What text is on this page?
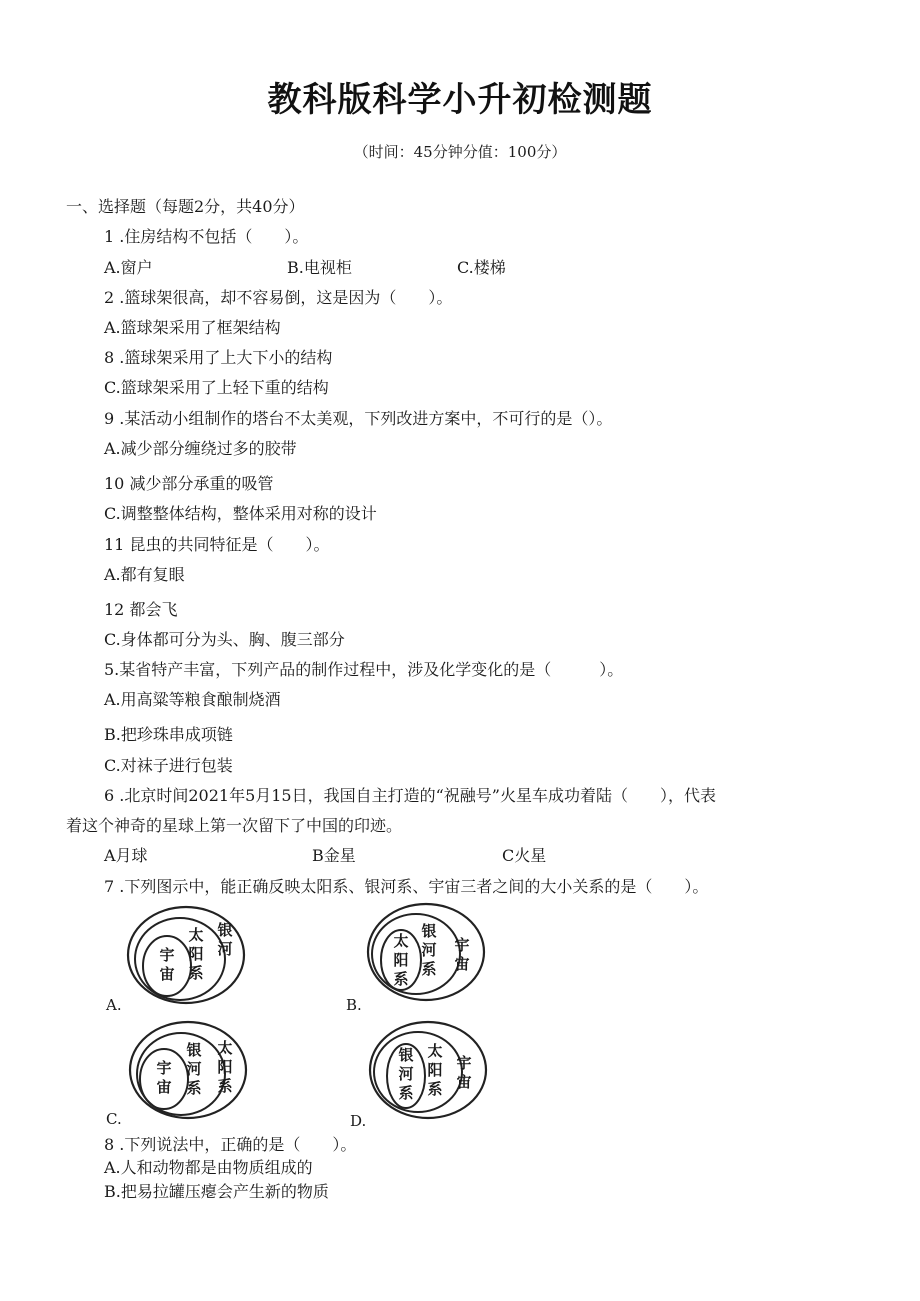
教科版科学小升初检测题
（时间：45分钟分值：100分）
一、选择题（每题2分，共40分）
1 .住房结构不包括（　　）。
A.窗户	B.电视柜	C.楼梯
2 .篮球架很高，却不容易倒，这是因为（　　）。
A.篮球架采用了框架结构
8 .篮球架采用了上大下小的结构
C.篮球架采用了上轻下重的结构
9 .某活动小组制作的塔台不太美观，下列改进方案中，不可行的是（）。
A.减少部分缠绕过多的胶带
10 减少部分承重的吸管
C.调整整体结构，整体采用对称的设计
11 昆虫的共同特征是（　　）。
A.都有复眼
12 都会飞
C.身体都可分为头、胸、腹三部分
5.某省特产丰富，下列产品的制作过程中，涉及化学变化的是（　　　）。
A.用高粱等粮食酿制烧酒
B.把珍珠串成项链
C.对袜子进行包装
6 .北京时间2021年5月15日，我国自主打造的“祝融号”火星车成功着陆（　　），代表
着这个神奇的星球上第一次留下了中国的印迹。
A月球	B金星	C火星
7 .下列图示中，能正确反映太阳系、银河系、宇宙三者之间的大小关系的是（　　）。
A.
宇宙
太阳系
银河
B.
太阳系
银河系
宇宙
C.
宇宙
银河系
太阳系
D.
银河系
太阳系
宇宙
8 .下列说法中，正确的是（　　）。
A.人和动物都是由物质组成的
B.把易拉罐压瘪会产生新的物质
